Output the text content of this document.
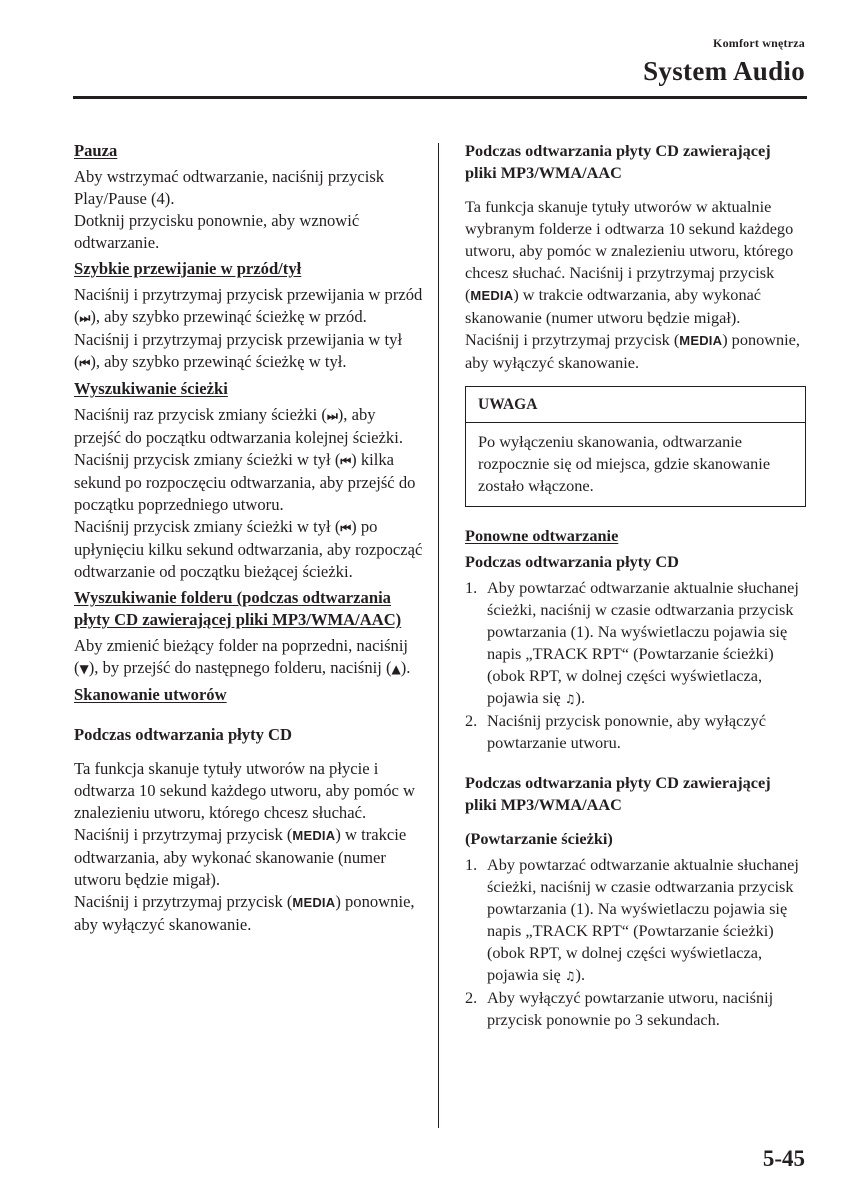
Komfort wnętrza
System Audio

Pauza

Aby wstrzymać odtwarzanie, naciśnij przycisk Play/Pause (4).

Dotknij przycisku ponownie, aby wznowić odtwarzanie.

Szybkie przewijanie w przód/tył

Naciśnij i przytrzymaj przycisk przewijania w przód (⏭), aby szybko przewinąć ścieżkę w przód. Naciśnij i przytrzymaj przycisk przewijania w tył (⏮), aby szybko przewinąć ścieżkę w tył.

Wyszukiwanie ścieżki

Naciśnij raz przycisk zmiany ścieżki (⏭), aby przejść do początku odtwarzania kolejnej ścieżki.

Naciśnij przycisk zmiany ścieżki w tył (⏮) kilka sekund po rozpoczęciu odtwarzania, aby przejść do początku poprzedniego utworu.

Naciśnij przycisk zmiany ścieżki w tył (⏮) po upłynięciu kilku sekund odtwarzania, aby rozpocząć odtwarzanie od początku bieżącej ścieżki.

Wyszukiwanie folderu (podczas odtwarzania płyty CD zawierającej pliki MP3/WMA/AAC)

Aby zmienić bieżący folder na poprzedni, naciśnij (▼), by przejść do następnego folderu, naciśnij (▲).

Skanowanie utworów

Podczas odtwarzania płyty CD

Ta funkcja skanuje tytuły utworów na płycie i odtwarza 10 sekund każdego utworu, aby pomóc w znalezieniu utworu, którego chcesz słuchać.

Naciśnij i przytrzymaj przycisk (MEDIA) w trakcie odtwarzania, aby wykonać skanowanie (numer utworu będzie migał).

Naciśnij i przytrzymaj przycisk (MEDIA) ponownie, aby wyłączyć skanowanie.

Podczas odtwarzania płyty CD zawierającej pliki MP3/WMA/AAC

Ta funkcja skanuje tytuły utworów w aktualnie wybranym folderze i odtwarza 10 sekund każdego utworu, aby pomóc w znalezieniu utworu, którego chcesz słuchać. Naciśnij i przytrzymaj przycisk (MEDIA) w trakcie odtwarzania, aby wykonać skanowanie (numer utworu będzie migał).

Naciśnij i przytrzymaj przycisk (MEDIA) ponownie, aby wyłączyć skanowanie.

UWAGA
Po wyłączeniu skanowania, odtwarzanie rozpocznie się od miejsca, gdzie skanowanie zostało włączone.

Ponowne odtwarzanie

Podczas odtwarzania płyty CD

1. Aby powtarzać odtwarzanie aktualnie słuchanej ścieżki, naciśnij w czasie odtwarzania przycisk powtarzania (1). Na wyświetlaczu pojawia się napis „TRACK RPT“ (Powtarzanie ścieżki) (obok RPT, w dolnej części wyświetlacza, pojawia się ♫).
2. Naciśnij przycisk ponownie, aby wyłączyć powtarzanie utworu.

Podczas odtwarzania płyty CD zawierającej pliki MP3/WMA/AAC

(Powtarzanie ścieżki)

1. Aby powtarzać odtwarzanie aktualnie słuchanej ścieżki, naciśnij w czasie odtwarzania przycisk powtarzania (1). Na wyświetlaczu pojawia się napis „TRACK RPT“ (Powtarzanie ścieżki) (obok RPT, w dolnej części wyświetlacza, pojawia się ♫).
2. Aby wyłączyć powtarzanie utworu, naciśnij przycisk ponownie po 3 sekundach.
5-45
